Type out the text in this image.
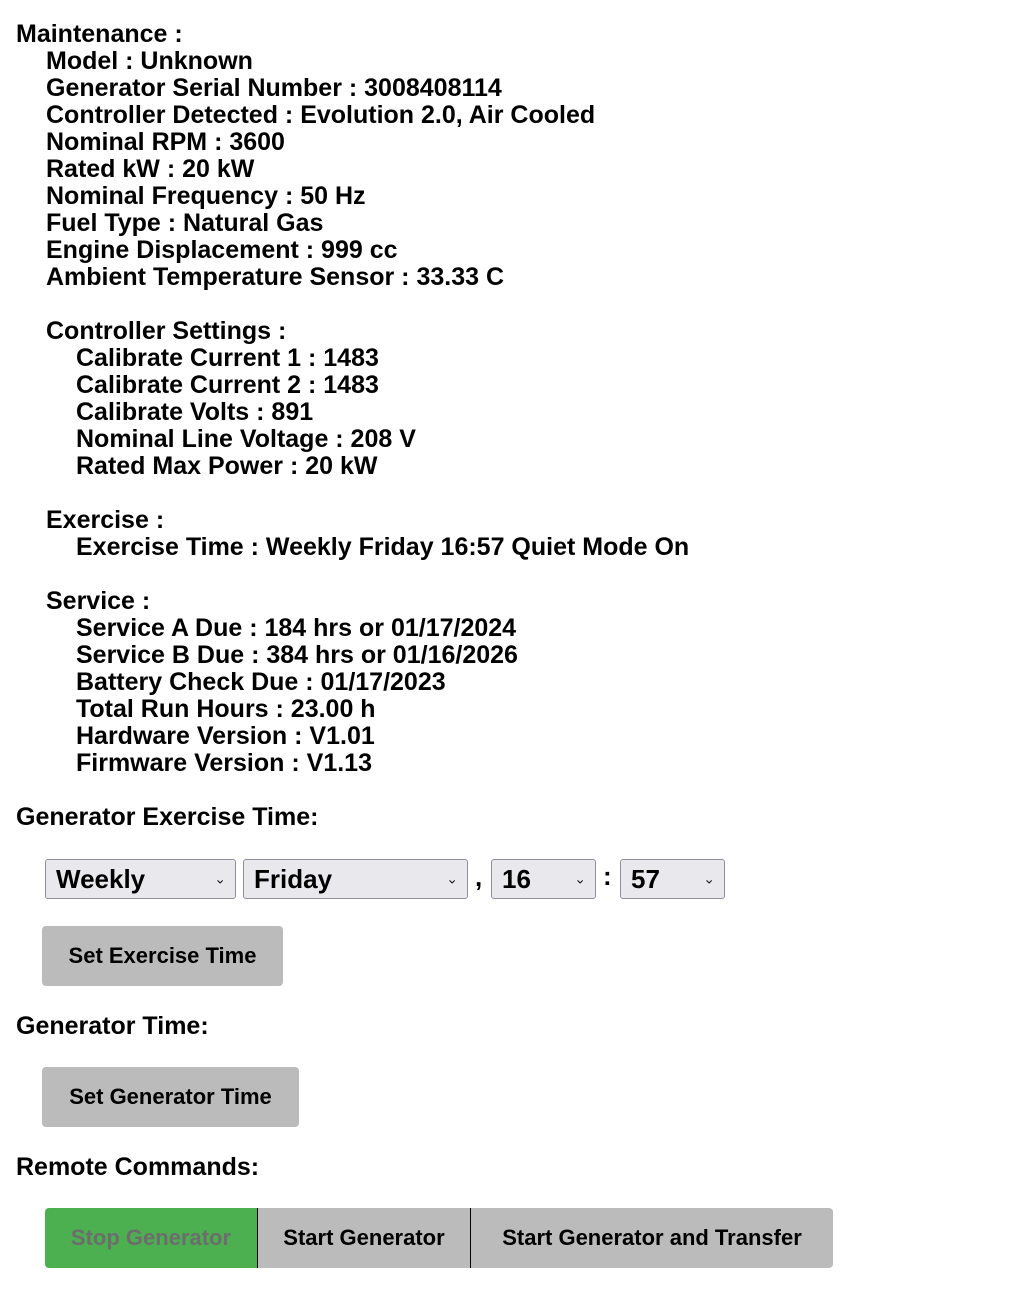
Maintenance :
Model : Unknown
Generator Serial Number : 3008408114
Controller Detected : Evolution 2.0, Air Cooled
Nominal RPM : 3600
Rated kW : 20 kW
Nominal Frequency : 50 Hz
Fuel Type : Natural Gas
Engine Displacement : 999 cc
Ambient Temperature Sensor : 33.33 C
Controller Settings :
Calibrate Current 1 : 1483
Calibrate Current 2 : 1483
Calibrate Volts : 891
Nominal Line Voltage : 208 V
Rated Max Power : 20 kW
Exercise :
Exercise Time : Weekly Friday 16:57 Quiet Mode On
Service :
Service A Due : 184 hrs or 01/17/2024
Service B Due : 384 hrs or 01/16/2026
Battery Check Due : 01/17/2023
Total Run Hours : 23.00 h
Hardware Version : V1.01
Firmware Version : V1.13
Generator Exercise Time:
Weekly
⌄
Friday	⌄ ,
16	⌄ :
57	⌄
Set Exercise Time
Generator Time:
Set Generator Time
Remote Commands:
Stop Generator	Start Generator	Start Generator and Transfer
